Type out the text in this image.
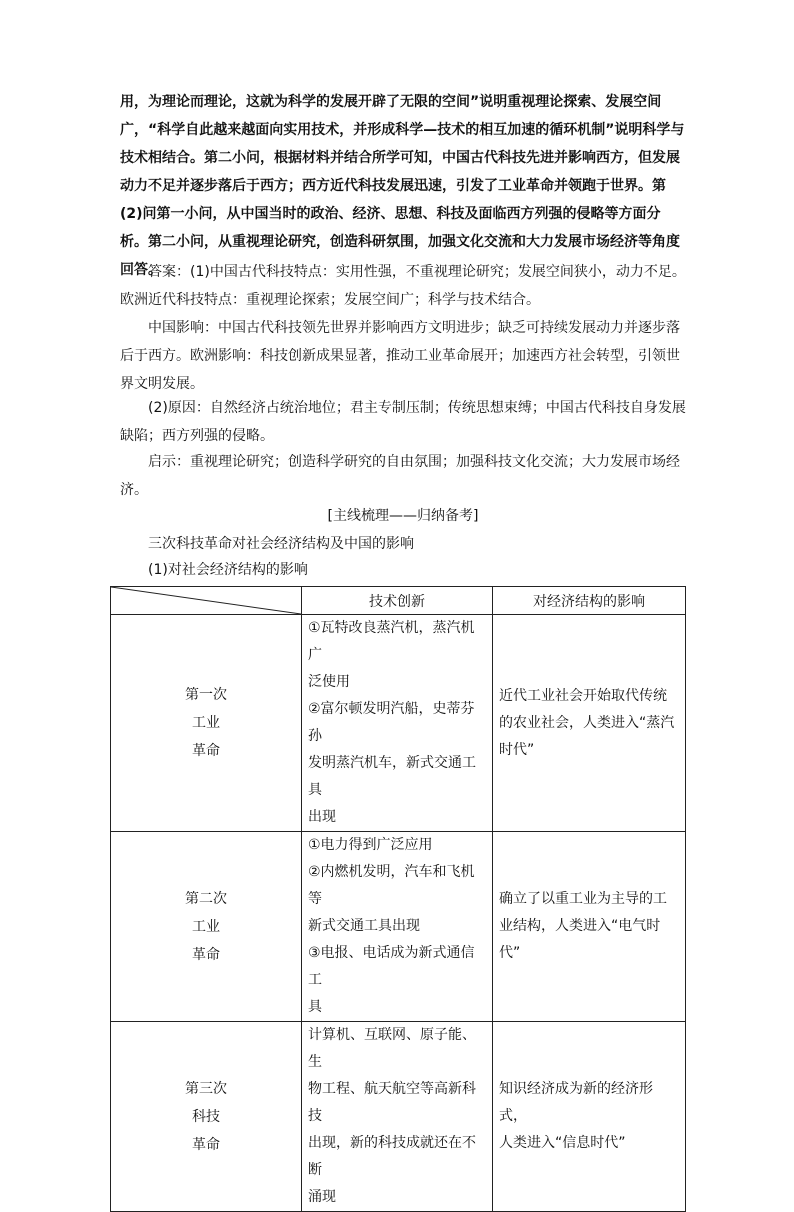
用，为理论而理论，这就为科学的发展开辟了无限的空间”说明重视理论探索、发展空间广，“科学自此越来越面向实用技术，并形成科学—技术的相互加速的循环机制”说明科学与技术相结合。第二小问，根据材料并结合所学可知，中国古代科技先进并影响西方，但发展动力不足并逐步落后于西方；西方近代科技发展迅速，引发了工业革命并领跑于世界。第(2)问第一小问，从中国当时的政治、经济、思想、科技及面临西方列强的侵略等方面分析。第二小问，从重视理论研究，创造科研氛围，加强文化交流和大力发展市场经济等角度回答。
答案：(1)中国古代科技特点：实用性强，不重视理论研究；发展空间狭小，动力不足。欧洲近代科技特点：重视理论探索；发展空间广；科学与技术结合。
中国影响：中国古代科技领先世界并影响西方文明进步；缺乏可持续发展动力并逐步落后于西方。欧洲影响：科技创新成果显著，推动工业革命展开；加速西方社会转型，引领世界文明发展。
(2)原因：自然经济占统治地位；君主专制压制；传统思想束缚；中国古代科技自身发展缺陷；西方列强的侵略。
启示：重视理论研究；创造科学研究的自由氛围；加强科技文化交流；大力发展市场经济。
[主线梳理——归纳备考]
三次科技革命对社会经济结构及中国的影响
(1)对社会经济结构的影响
	技术创新	对经济结构的影响

第一次
工业
革命	①瓦特改良蒸汽机，蒸汽机广
泛使用
②富尔顿发明汽船，史蒂芬孙
发明蒸汽机车，新式交通工具
出现	近代工业社会开始取代传统
的农业社会，人类进入“蒸汽
时代”

第二次
工业
革命	①电力得到广泛应用
②内燃机发明，汽车和飞机等
新式交通工具出现
③电报、电话成为新式通信工
具	确立了以重工业为主导的工
业结构，人类进入“电气时代”

第三次
科技
革命	计算机、互联网、原子能、生
物工程、航天航空等高新科技
出现，新的科技成就还在不断
涌现	知识经济成为新的经济形式，
人类进入“信息时代”
